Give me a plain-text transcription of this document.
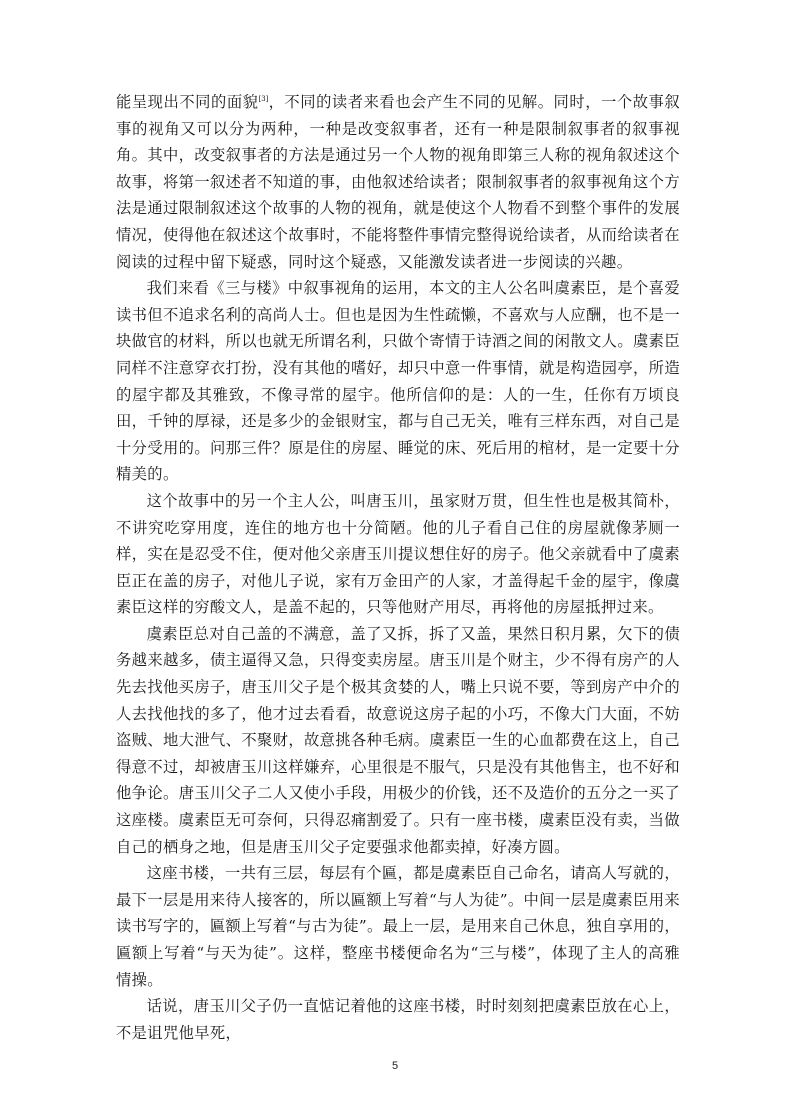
能呈现出不同的面貌[3]，不同的读者来看也会产生不同的见解。同时，一个故事叙事的视角又可以分为两种，一种是改变叙事者，还有一种是限制叙事者的叙事视角。其中，改变叙事者的方法是通过另一个人物的视角即第三人称的视角叙述这个故事，将第一叙述者不知道的事，由他叙述给读者；限制叙事者的叙事视角这个方法是通过限制叙述这个故事的人物的视角，就是使这个人物看不到整个事件的发展情况，使得他在叙述这个故事时，不能将整件事情完整得说给读者，从而给读者在阅读的过程中留下疑惑，同时这个疑惑，又能激发读者进一步阅读的兴趣。

我们来看《三与楼》中叙事视角的运用，本文的主人公名叫虞素臣，是个喜爱读书但不追求名利的高尚人士。但也是因为生性疏懒，不喜欢与人应酬，也不是一块做官的材料，所以也就无所谓名利，只做个寄情于诗酒之间的闲散文人。虞素臣同样不注意穿衣打扮，没有其他的嗜好，却只中意一件事情，就是构造园亭，所造的屋宇都及其雅致，不像寻常的屋宇。他所信仰的是：人的一生，任你有万顷良田，千钟的厚禄，还是多少的金银财宝，都与自己无关，唯有三样东西，对自己是十分受用的。问那三件？原是住的房屋、睡觉的床、死后用的棺材，是一定要十分精美的。

这个故事中的另一个主人公，叫唐玉川，虽家财万贯，但生性也是极其简朴，不讲究吃穿用度，连住的地方也十分简陋。他的儿子看自己住的房屋就像茅厕一样，实在是忍受不住，便对他父亲唐玉川提议想住好的房子。他父亲就看中了虞素臣正在盖的房子，对他儿子说，家有万金田产的人家，才盖得起千金的屋宇，像虞素臣这样的穷酸文人，是盖不起的，只等他财产用尽，再将他的房屋抵押过来。

虞素臣总对自己盖的不满意，盖了又拆，拆了又盖，果然日积月累，欠下的债务越来越多，债主逼得又急，只得变卖房屋。唐玉川是个财主，少不得有房产的人先去找他买房子，唐玉川父子是个极其贪婪的人，嘴上只说不要，等到房产中介的人去找他找的多了，他才过去看看，故意说这房子起的小巧，不像大门大面，不妨盗贼、地大泄气、不聚财，故意挑各种毛病。虞素臣一生的心血都费在这上，自己得意不过，却被唐玉川这样嫌弃，心里很是不服气，只是没有其他售主，也不好和他争论。唐玉川父子二人又使小手段，用极少的价钱，还不及造价的五分之一买了这座楼。虞素臣无可奈何，只得忍痛割爱了。只有一座书楼，虞素臣没有卖，当做自己的栖身之地，但是唐玉川父子定要强求他都卖掉，好凑方圆。

这座书楼，一共有三层，每层有个匾，都是虞素臣自己命名，请高人写就的，最下一层是用来待人接客的，所以匾额上写着“与人为徒”。中间一层是虞素臣用来读书写字的，匾额上写着“与古为徒”。最上一层，是用来自己休息，独自享用的，匾额上写着“与天为徒”。这样，整座书楼便命名为“三与楼”，体现了主人的高雅情操。

话说，唐玉川父子仍一直惦记着他的这座书楼，时时刻刻把虞素臣放在心上，不是诅咒他早死，

5
